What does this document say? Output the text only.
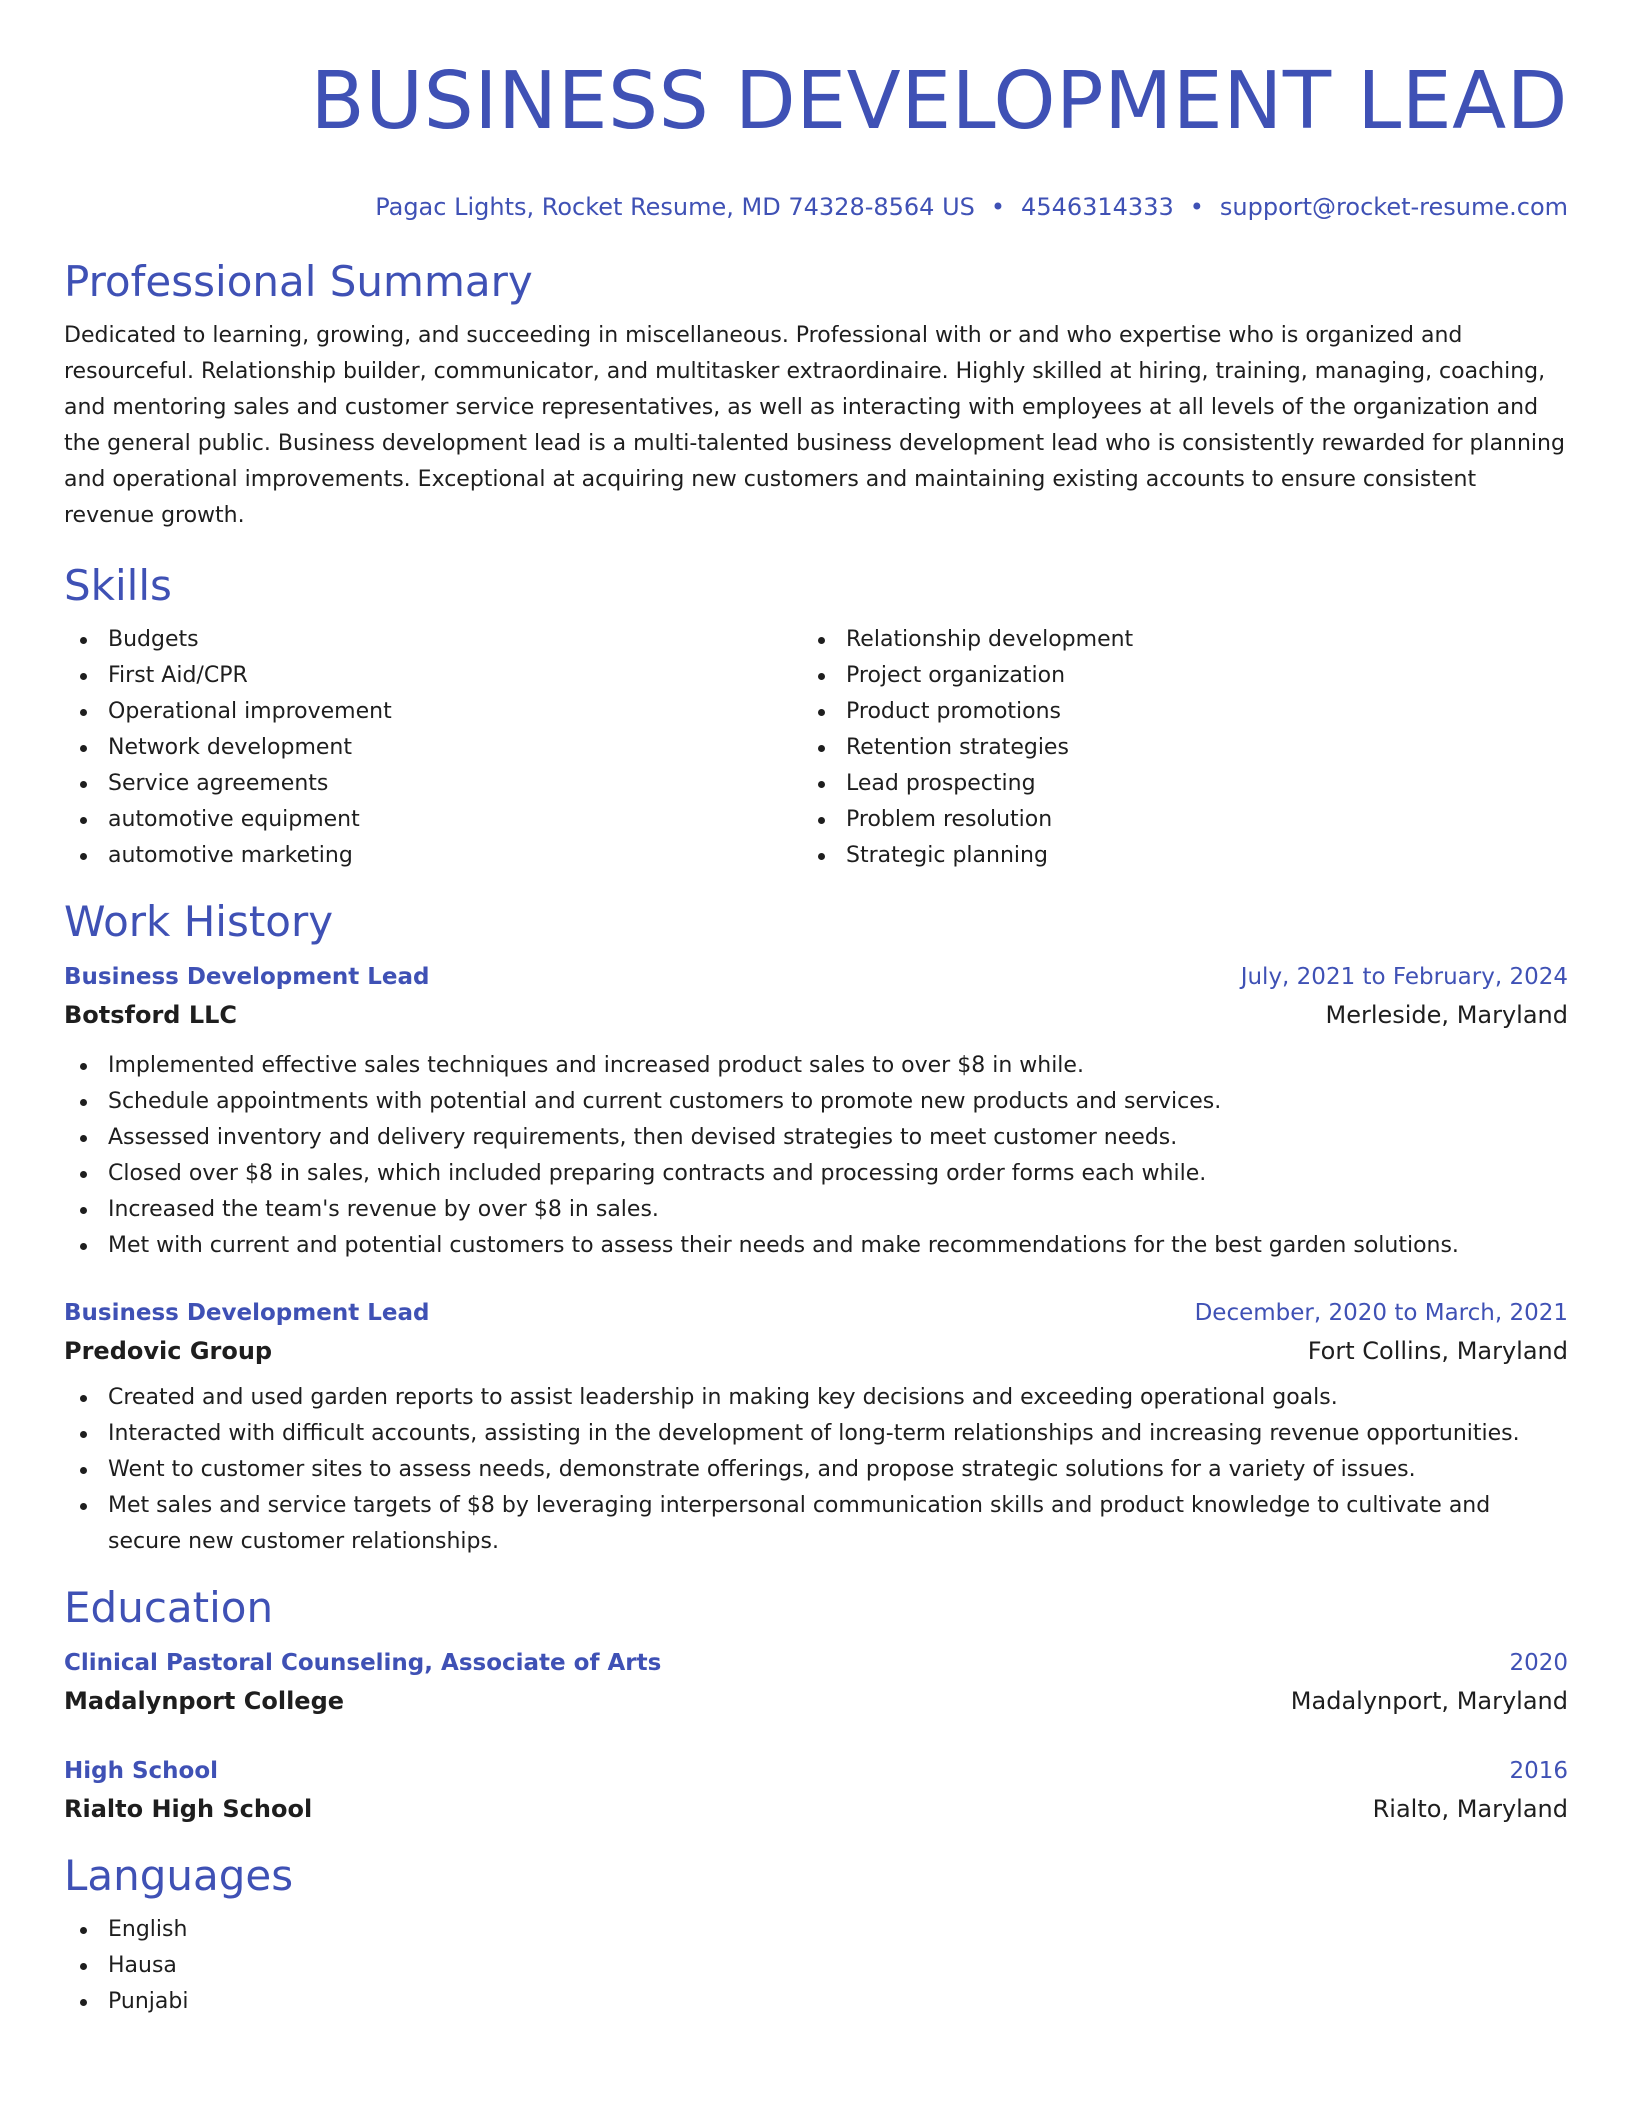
BUSINESS DEVELOPMENT LEAD
Pagac Lights, Rocket Resume, MD 74328-8564 US • 4546314333 • support@rocket-resume.com
Professional Summary

Dedicated to learning, growing, and succeeding in miscellaneous. Professional with or and who expertise who is organized and resourceful. Relationship builder, communicator, and multitasker extraordinaire. Highly skilled at hiring, training, managing, coaching, and mentoring sales and customer service representatives, as well as interacting with employees at all levels of the organization and the general public. Business development lead is a multi-talented business development lead who is consistently rewarded for planning and operational improvements. Exceptional at acquiring new customers and maintaining existing accounts to ensure consistent revenue growth.

Skills
Budgets
First Aid/CPR
Operational improvement
Network development
Service agreements
automotive equipment
automotive marketing
Relationship development
Project organization
Product promotions
Retention strategies
Lead prospecting
Problem resolution
Strategic planning
Work History
Business Development Lead	July, 2021 to February, 2024
Botsford LLC	Merleside, Maryland
Implemented effective sales techniques and increased product sales to over $8 in while.
Schedule appointments with potential and current customers to promote new products and services.
Assessed inventory and delivery requirements, then devised strategies to meet customer needs.
Closed over $8 in sales, which included preparing contracts and processing order forms each while.
Increased the team's revenue by over $8 in sales.
Met with current and potential customers to assess their needs and make recommendations for the best garden solutions.
Business Development Lead	December, 2020 to March, 2021
Predovic Group	Fort Collins, Maryland
Created and used garden reports to assist leadership in making key decisions and exceeding operational goals.
Interacted with difficult accounts, assisting in the development of long-term relationships and increasing revenue opportunities.
Went to customer sites to assess needs, demonstrate offerings, and propose strategic solutions for a variety of issues.
Met sales and service targets of $8 by leveraging interpersonal communication skills and product knowledge to cultivate and secure new customer relationships.
Education
Clinical Pastoral Counseling, Associate of Arts	2020
Madalynport College	Madalynport, Maryland
High School	2016
Rialto High School	Rialto, Maryland
Languages
English
Hausa
Punjabi
